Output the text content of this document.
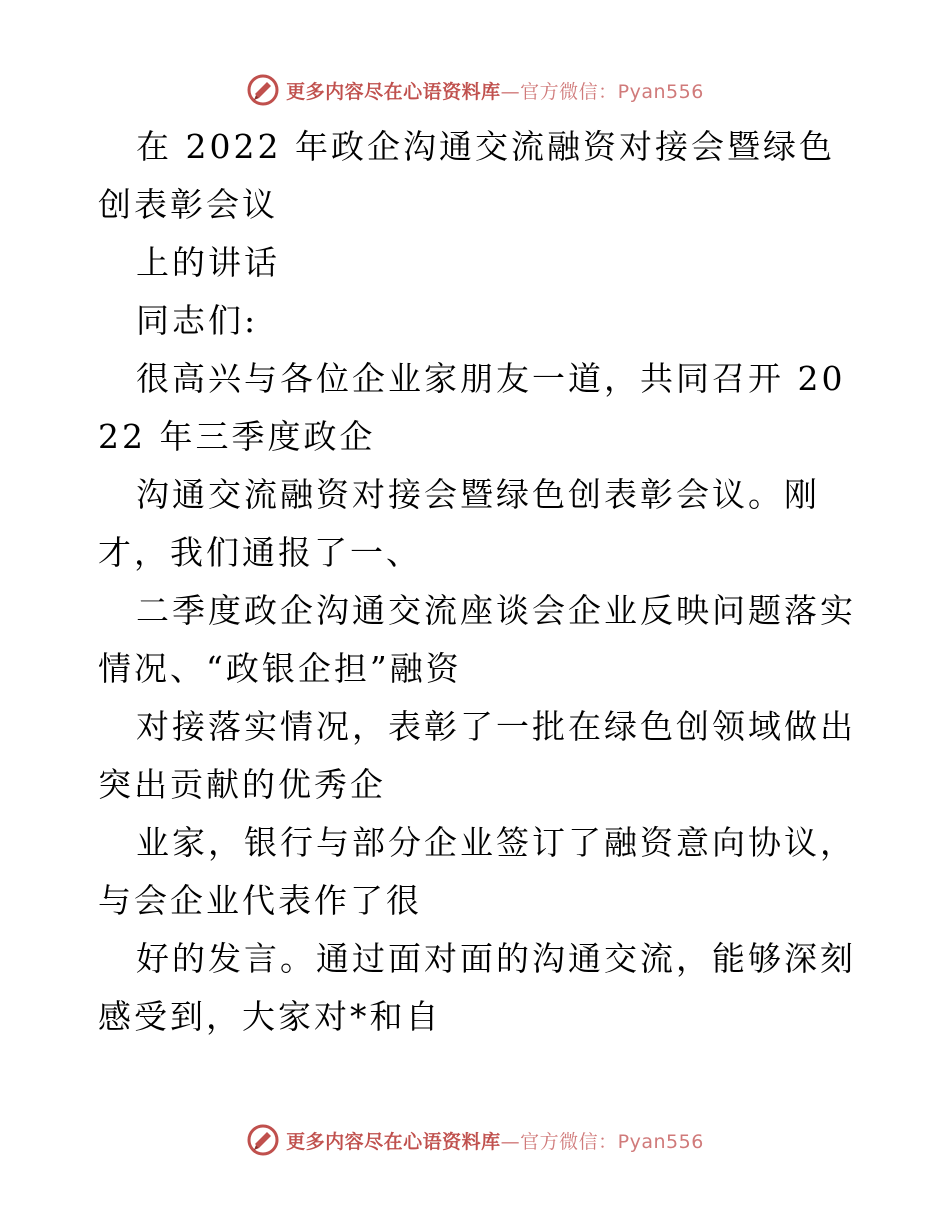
更多内容尽在心语资料库—官方微信：Pyan556

在 2022 年政企沟通交流融资对接会暨绿色创表彰会议

上的讲话

同志们:

很高兴与各位企业家朋友一道，共同召开 2022 年三季度政企

沟通交流融资对接会暨绿色创表彰会议。刚才，我们通报了一、

二季度政企沟通交流座谈会企业反映问题落实情况、“政银企担”融资

对接落实情况，表彰了一批在绿色创领域做出突出贡献的优秀企

业家，银行与部分企业签订了融资意向协议，与会企业代表作了很

好的发言。通过面对面的沟通交流，能够深刻感受到，大家对*和自

更多内容尽在心语资料库—官方微信：Pyan556
